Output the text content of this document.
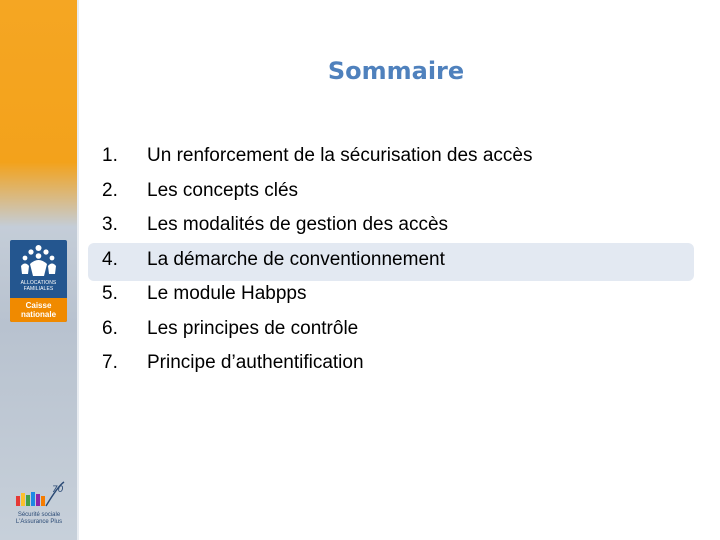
ALLOCATIONS
FAMILIALES
Caisse
nationale
70
Sécurité sociale
L'Assurance Plus
Sommaire
1. Un renforcement de la sécurisation des accès
2. Les concepts clés
3. Les modalités de gestion des accès
4. La démarche de conventionnement
5. Le module Habpps
6. Les principes de contrôle
7. Principe d’authentification
